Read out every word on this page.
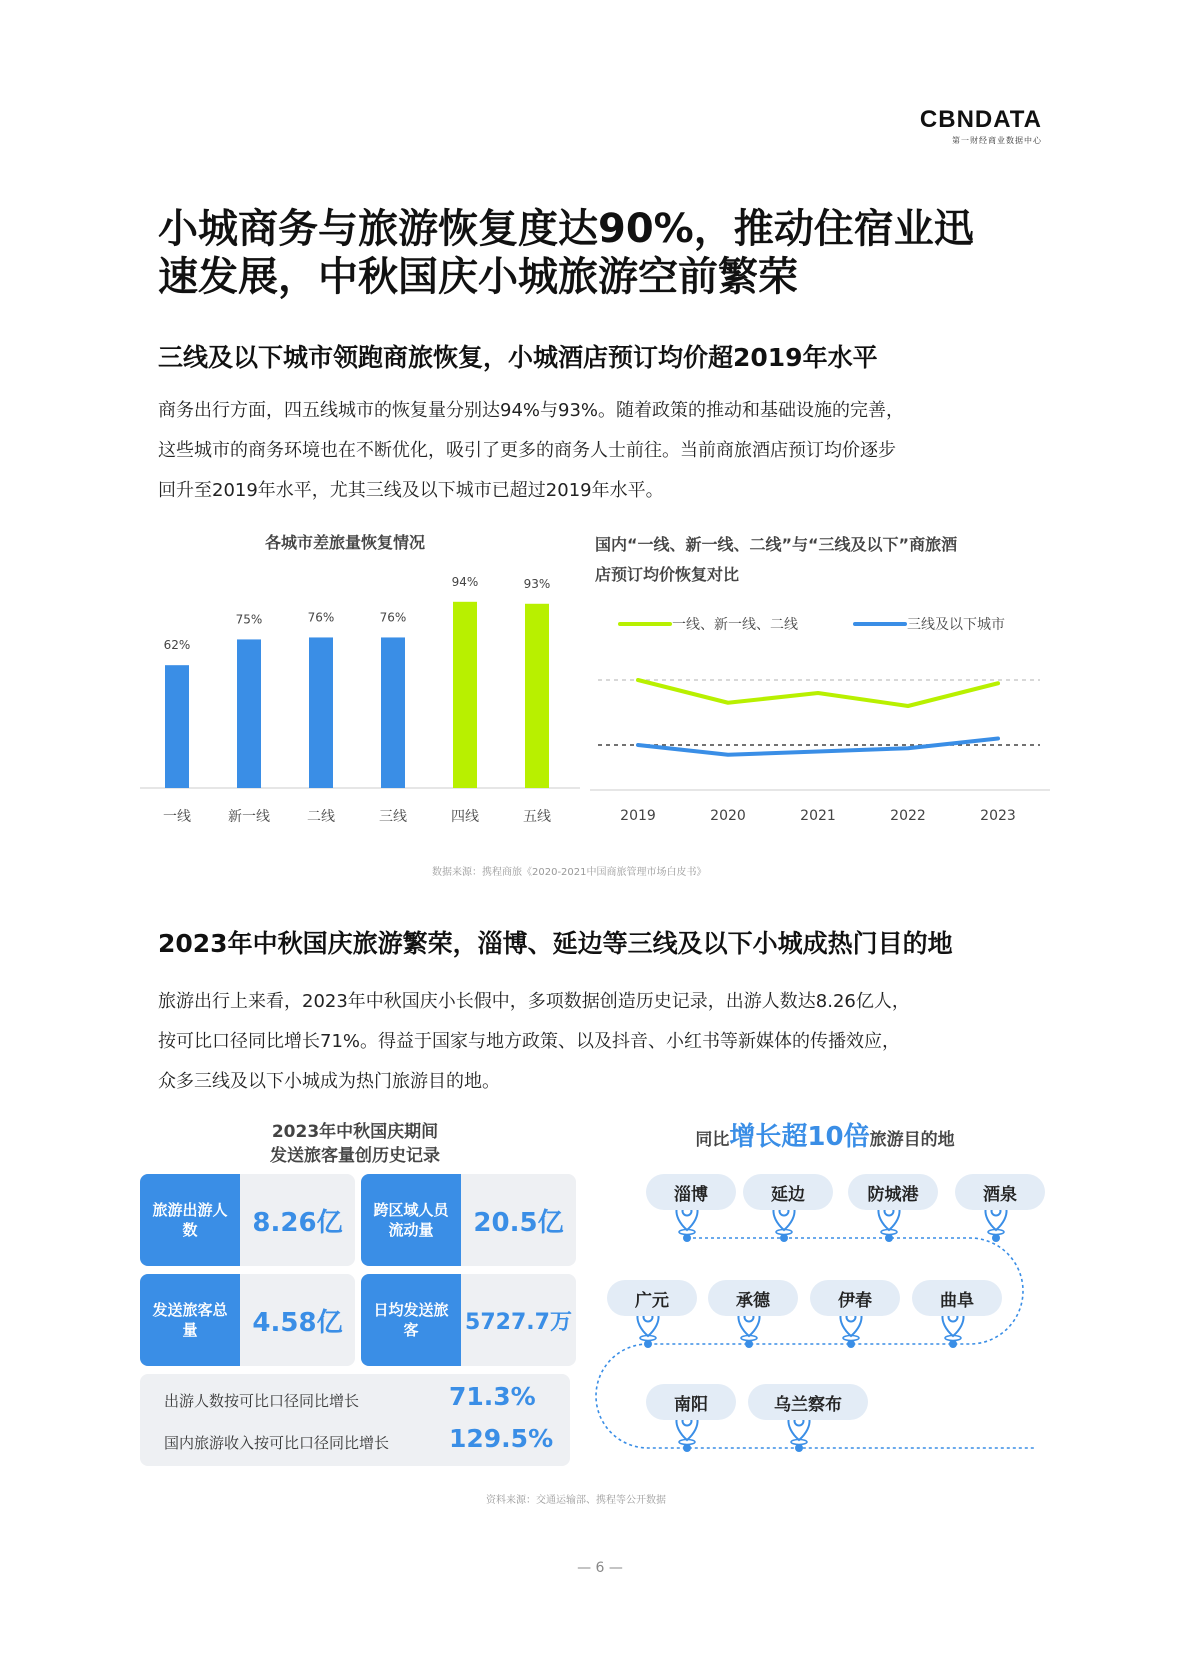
CBNDATA
第一财经商业数据中心
小城商务与旅游恢复度达90%，推动住宿业迅
速发展，中秋国庆小城旅游空前繁荣
三线及以下城市领跑商旅恢复，小城酒店预订均价超2019年水平
商务出行方面，四五线城市的恢复量分别达94%与93%。随着政策的推动和基础设施的完善，
这些城市的商务环境也在不断优化，吸引了更多的商务人士前往。当前商旅酒店预订均价逐步
回升至2019年水平，尤其三线及以下城市已超过2019年水平。
各城市差旅量恢复情况
62%
一线
75%
新一线
76%
二线
76%
三线
94%
四线
93%
五线
国内“一线、新一线、二线”与“三线及以下”商旅酒
店预订均价恢复对比
一线、新一线、二线	三线及以下城市
2019	2020	2021	2022	2023
数据来源：携程商旅《2020-2021中国商旅管理市场白皮书》
2023年中秋国庆旅游繁荣，淄博、延边等三线及以下小城成热门目的地
旅游出行上来看，2023年中秋国庆小长假中，多项数据创造历史记录，出游人数达8.26亿人，
按可比口径同比增长71%。得益于国家与地方政策、以及抖音、小红书等新媒体的传播效应，
众多三线及以下小城成为热门旅游目的地。
2023年中秋国庆期间
发送旅客量创历史记录
旅游出游人数	8.26亿	跨区域人员流动量	20.5亿
发送旅客总量	4.58亿	日均发送旅客	5727.7万
出游人数按可比口径同比增长	71.3%
国内旅游收入按可比口径同比增长 129.5%
同比增长超10倍旅游目的地
淄博	延边	防城港	酒泉
广元	承德	伊春	曲阜
南阳	乌兰察布
资料来源：交通运输部、携程等公开数据
— 6 —
